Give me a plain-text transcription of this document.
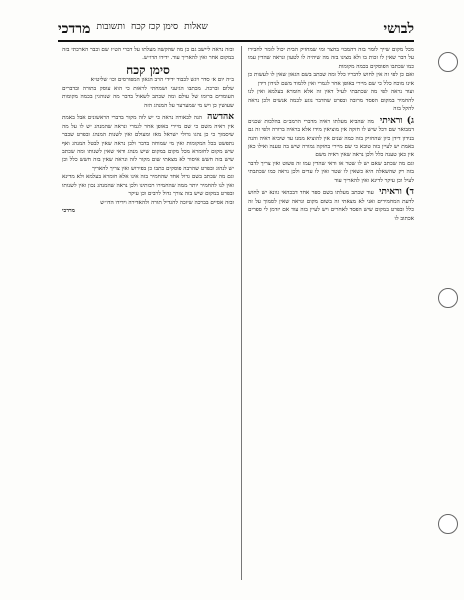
לבושי
שאלות
סימן קכז קכח
ותשובות
מרדכי

מכל מקום שייך לומר בזה דהמבוי בחצר ומי שמחזיק הבית יכול לומר לחבירו על דבר שאין לו זכות בו ולא מצינו בזה מה שיהיה לו לטעון ונראה שהדין עמו כמו שכתבו הפוסקים בכמה מקומות

ואם כן לפי זה אין לחוש לדבריו כלל ומה שכתב בשם הגאון שאין לו לעשות כן אינו מוכח כלל כי שם מיירי באופן אחר לגמרי ואין ללמוד משם לנידון דידן

ועוד נראה לפי מה שכתבתי לעיל דאין זה אלא חומרא בעלמא ואין לנו להחמיר במקום הפסד מרובה ובפרט שהדבר נוגע לכמה אנשים ולכן נראה להקל בזה

ג) וראיתי מה שהביא מעלתו ראיה מדברי הרמב״ם בהלכות שכנים דמבואר שם דכל שיש לו חזקה אין מוציאין מידו אלא בראיה ברורה ולפי זה גם בנידון דידן כיון שהחזיק בזה כמה שנים אין להוציא ממנו עד שיביא ראיה והנה באמת יש לעיין בזה טובא כי שם מיירי בחזקה גמורה שיש בה טענה ואילו כאן אין כאן טענה כלל ולכן נראה שאין ראיה משם

וגם מה שכתב שאם יש לו שטר אז ודאי שהדין עמו זה פשוט ואין צריך לדבר בזה רק שהשאלה היא כשאין לו שטר ואין לו עדים ולכן נראה כמו שכתבתי לעיל וכן עיקר לדינא ואין להאריך עוד

ד) וראיתי עוד שכתב מעלתו בשם ספר אחד דבכהאי גוונא יש לחוש לדעת המחמירים ואני לא מצאתי זה בשום מקום ונראה שאין לסמוך על זה כלל ובפרט במקום שיש הפסד לאחרים ויש לעיין בזה עוד אם יזדמן לי ספרים אכתוב לו

ובזה נראה ליישב גם כן מה שהקשה מעלתו על דברי הט״ז שם וכבר הארכתי בזה במקום אחר ואין להאריך עוד. ידידו הדו״ש.

סימן קכח

ב״ה יום א׳ סדר ויגש לכבוד ידידי הרב הגאון המפורסים וכו׳ שליט״א

שלום וברכה. מכתבו הגיעני ושמחתי לראות כי הוא עוסק בתורה ובדברים העומדים ברומו של עולם ומה שכתב לשאול בדבר מה שנוהגין בכמה מקומות שעושין כן ויש מי שמערער על המנהג הזה

אהדשה הנה לכאורה נראה כי יש לזה מקור בדברי הראשונים אבל באמת אין ראיה משם כי שם מיירי באופן אחר לגמרי ונראה שהמנהג יש לו על מה שיסמוך כי כן נהגו גדולי ישראל מאז ומעולם ואין לשנות המנהג ובפרט שכבר נתפשט בכל המקומות ואין מי שמוחה בדבר ולכן נראה שאין לבטל המנהג ואף שיש מקום לחומרא מכל מקום במקום שיש מנהג ודאי שאין לשנותו ומה שכתב שיש בזה חשש איסור לא מצאתי שום מקור לזה ונראה שאין בזה חשש כלל וכן יש לנהוג ובפרט שהרבה פוסקים כתבו כן בפירוש ואין צריך להאריך

וגם מה שכתב בשם גדול אחד שהחמיר בזה אינו אלא חומרא בעלמא ולא מדינא ואין לנו להחמיר יותר ממה שהחמירו רבותינו ולכן נראה שהמנהג נכון ואין לשנותו ובפרט במקום שיש בזה צורך גדול לרבים וכן עיקר

ובזה אסיים בברכה שיזכה להגדיל תורה ולהאדירה וידידו הדו״ש

מרדכי
